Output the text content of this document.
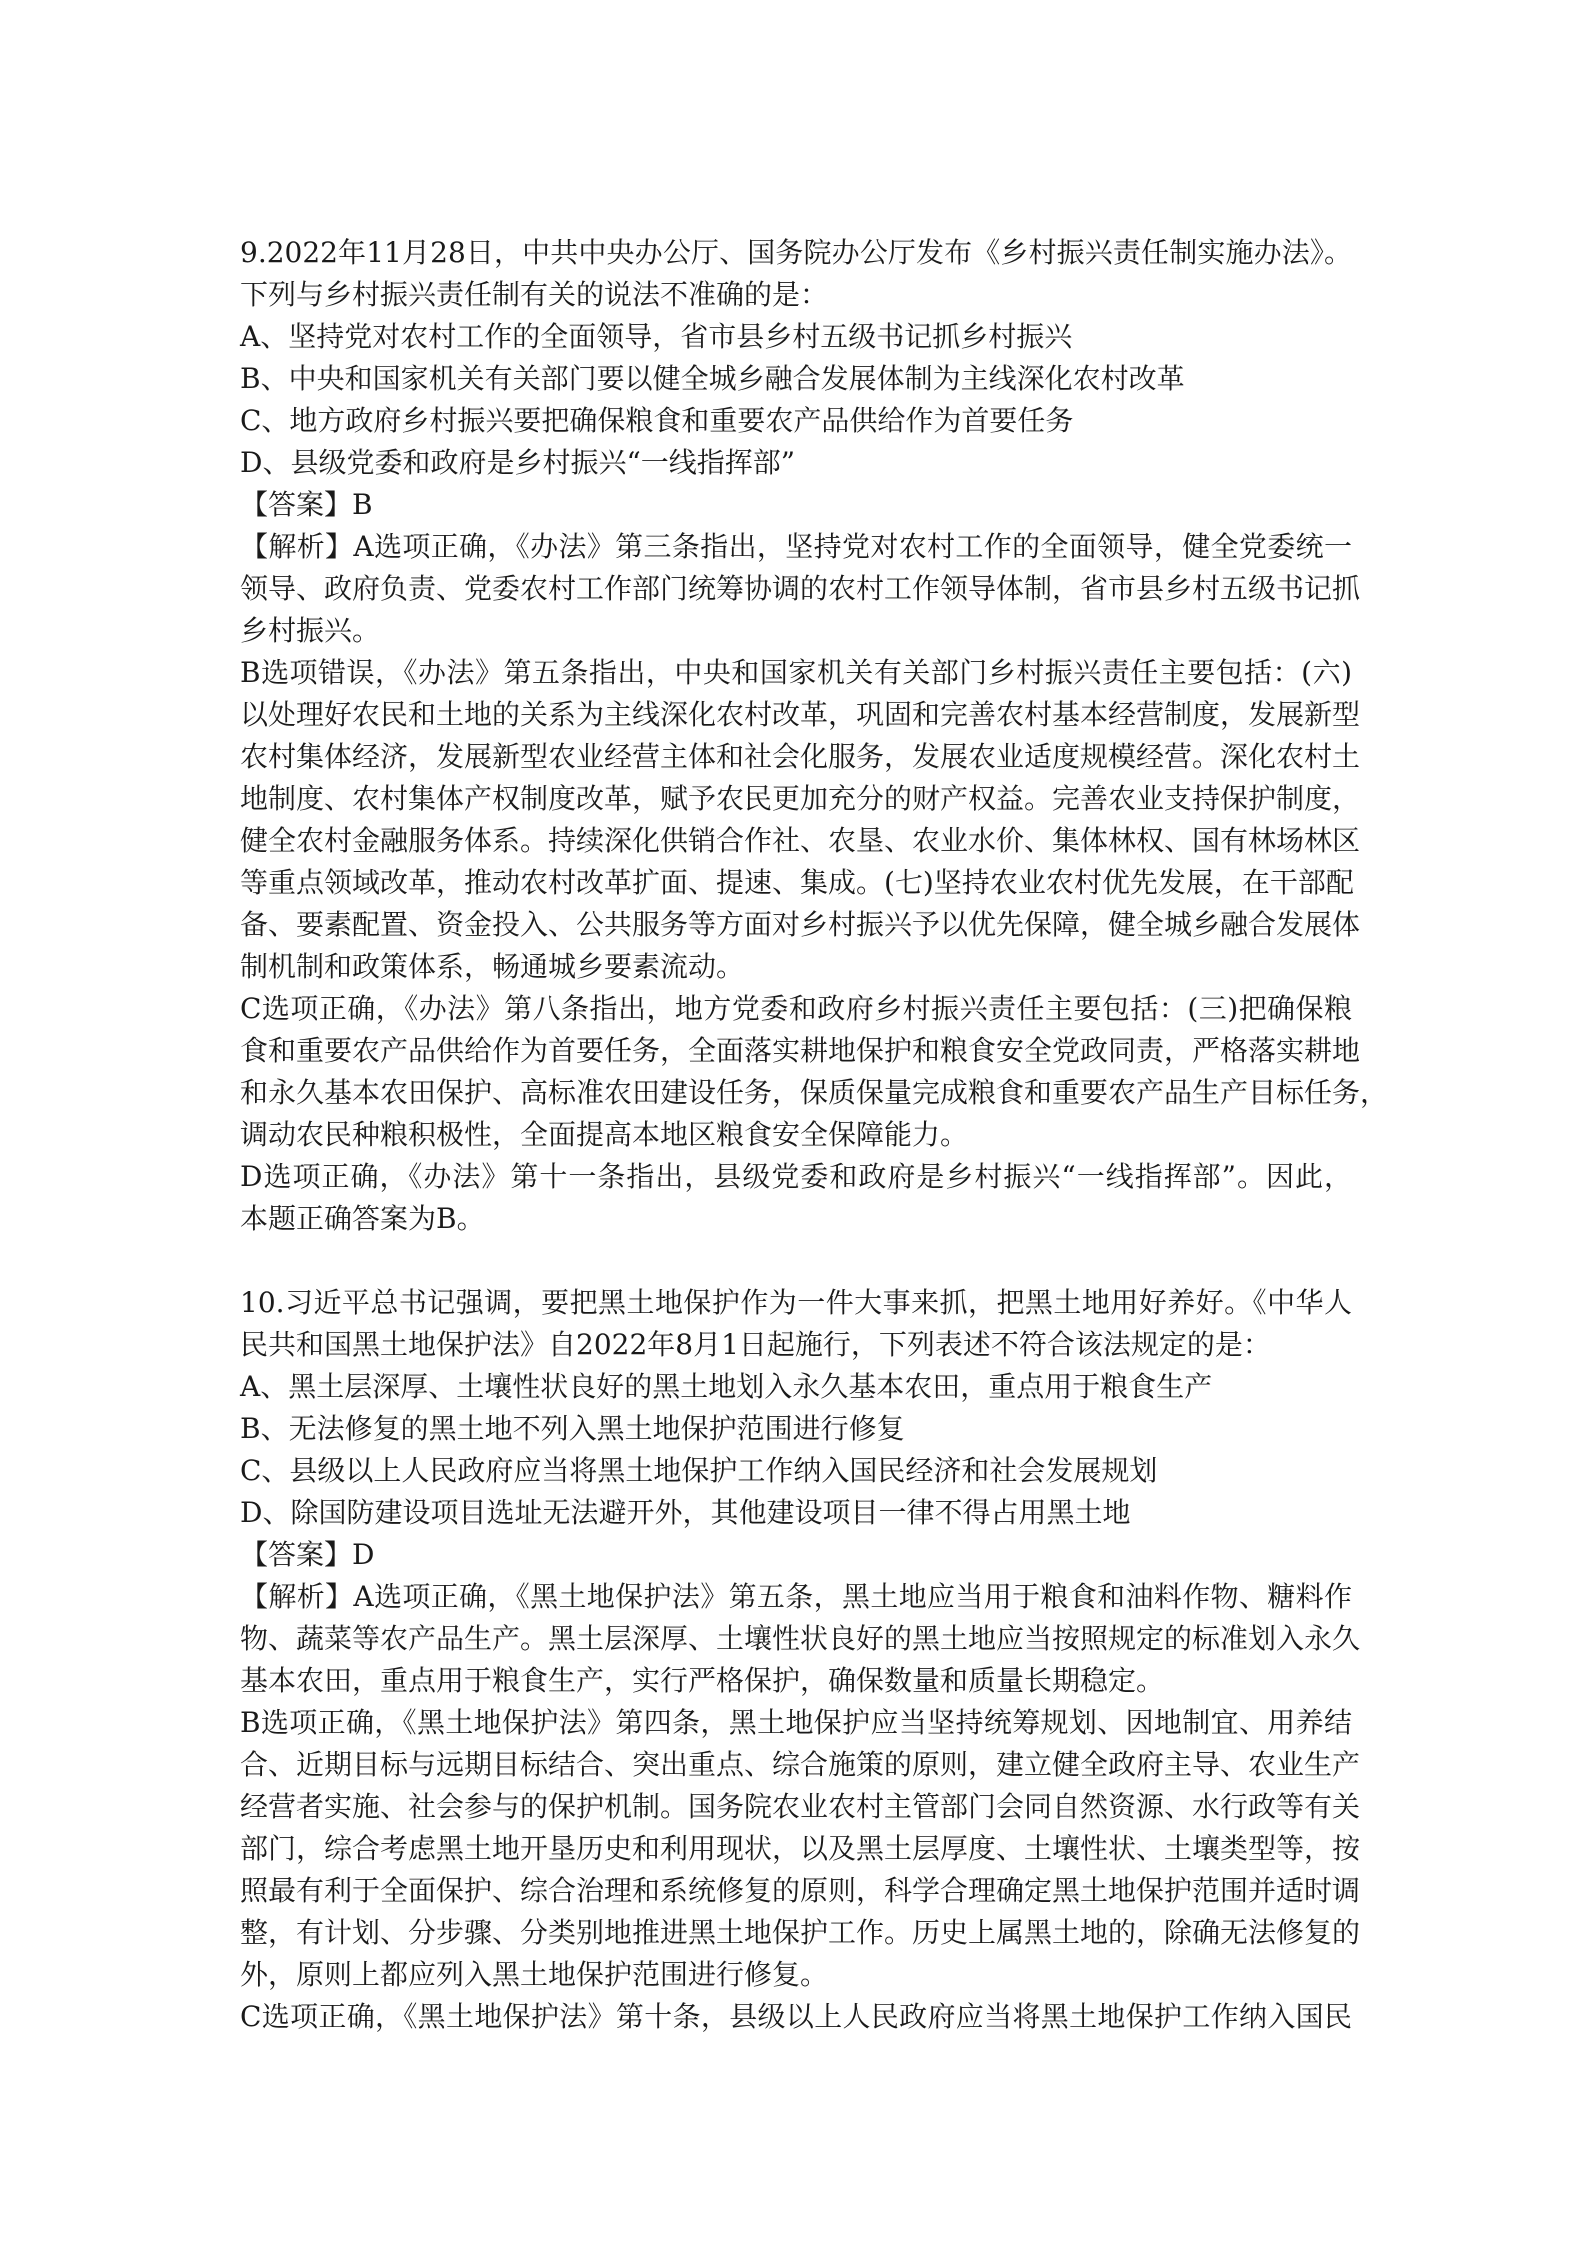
9.2022年11月28日，中共中央办公厅、国务院办公厅发布《乡村振兴责任制实施办法》。
下列与乡村振兴责任制有关的说法不准确的是：
A、坚持党对农村工作的全面领导，省市县乡村五级书记抓乡村振兴
B、中央和国家机关有关部门要以健全城乡融合发展体制为主线深化农村改革
C、地方政府乡村振兴要把确保粮食和重要农产品供给作为首要任务
D、县级党委和政府是乡村振兴“一线指挥部”
【答案】B
【解析】A选项正确，《办法》第三条指出，坚持党对农村工作的全面领导，健全党委统一
领导、政府负责、党委农村工作部门统筹协调的农村工作领导体制，省市县乡村五级书记抓
乡村振兴。
B选项错误，《办法》第五条指出，中央和国家机关有关部门乡村振兴责任主要包括：(六)
以处理好农民和土地的关系为主线深化农村改革，巩固和完善农村基本经营制度，发展新型
农村集体经济，发展新型农业经营主体和社会化服务，发展农业适度规模经营。深化农村土
地制度、农村集体产权制度改革，赋予农民更加充分的财产权益。完善农业支持保护制度，
健全农村金融服务体系。持续深化供销合作社、农垦、农业水价、集体林权、国有林场林区
等重点领域改革，推动农村改革扩面、提速、集成。(七)坚持农业农村优先发展，在干部配
备、要素配置、资金投入、公共服务等方面对乡村振兴予以优先保障，健全城乡融合发展体
制机制和政策体系，畅通城乡要素流动。
C选项正确，《办法》第八条指出，地方党委和政府乡村振兴责任主要包括：(三)把确保粮
食和重要农产品供给作为首要任务，全面落实耕地保护和粮食安全党政同责，严格落实耕地
和永久基本农田保护、高标准农田建设任务，保质保量完成粮食和重要农产品生产目标任务，
调动农民种粮积极性，全面提高本地区粮食安全保障能力。
D选项正确，《办法》第十一条指出，县级党委和政府是乡村振兴“一线指挥部”。因此，
本题正确答案为B。
10.习近平总书记强调，要把黑土地保护作为一件大事来抓，把黑土地用好养好。《中华人
民共和国黑土地保护法》自2022年8月1日起施行，下列表述不符合该法规定的是：
A、黑土层深厚、土壤性状良好的黑土地划入永久基本农田，重点用于粮食生产
B、无法修复的黑土地不列入黑土地保护范围进行修复
C、县级以上人民政府应当将黑土地保护工作纳入国民经济和社会发展规划
D、除国防建设项目选址无法避开外，其他建设项目一律不得占用黑土地
【答案】D
【解析】A选项正确，《黑土地保护法》第五条，黑土地应当用于粮食和油料作物、糖料作
物、蔬菜等农产品生产。黑土层深厚、土壤性状良好的黑土地应当按照规定的标准划入永久
基本农田，重点用于粮食生产，实行严格保护，确保数量和质量长期稳定。
B选项正确，《黑土地保护法》第四条，黑土地保护应当坚持统筹规划、因地制宜、用养结
合、近期目标与远期目标结合、突出重点、综合施策的原则，建立健全政府主导、农业生产
经营者实施、社会参与的保护机制。国务院农业农村主管部门会同自然资源、水行政等有关
部门，综合考虑黑土地开垦历史和利用现状，以及黑土层厚度、土壤性状、土壤类型等，按
照最有利于全面保护、综合治理和系统修复的原则，科学合理确定黑土地保护范围并适时调
整，有计划、分步骤、分类别地推进黑土地保护工作。历史上属黑土地的，除确无法修复的
外，原则上都应列入黑土地保护范围进行修复。
C选项正确，《黑土地保护法》第十条，县级以上人民政府应当将黑土地保护工作纳入国民
